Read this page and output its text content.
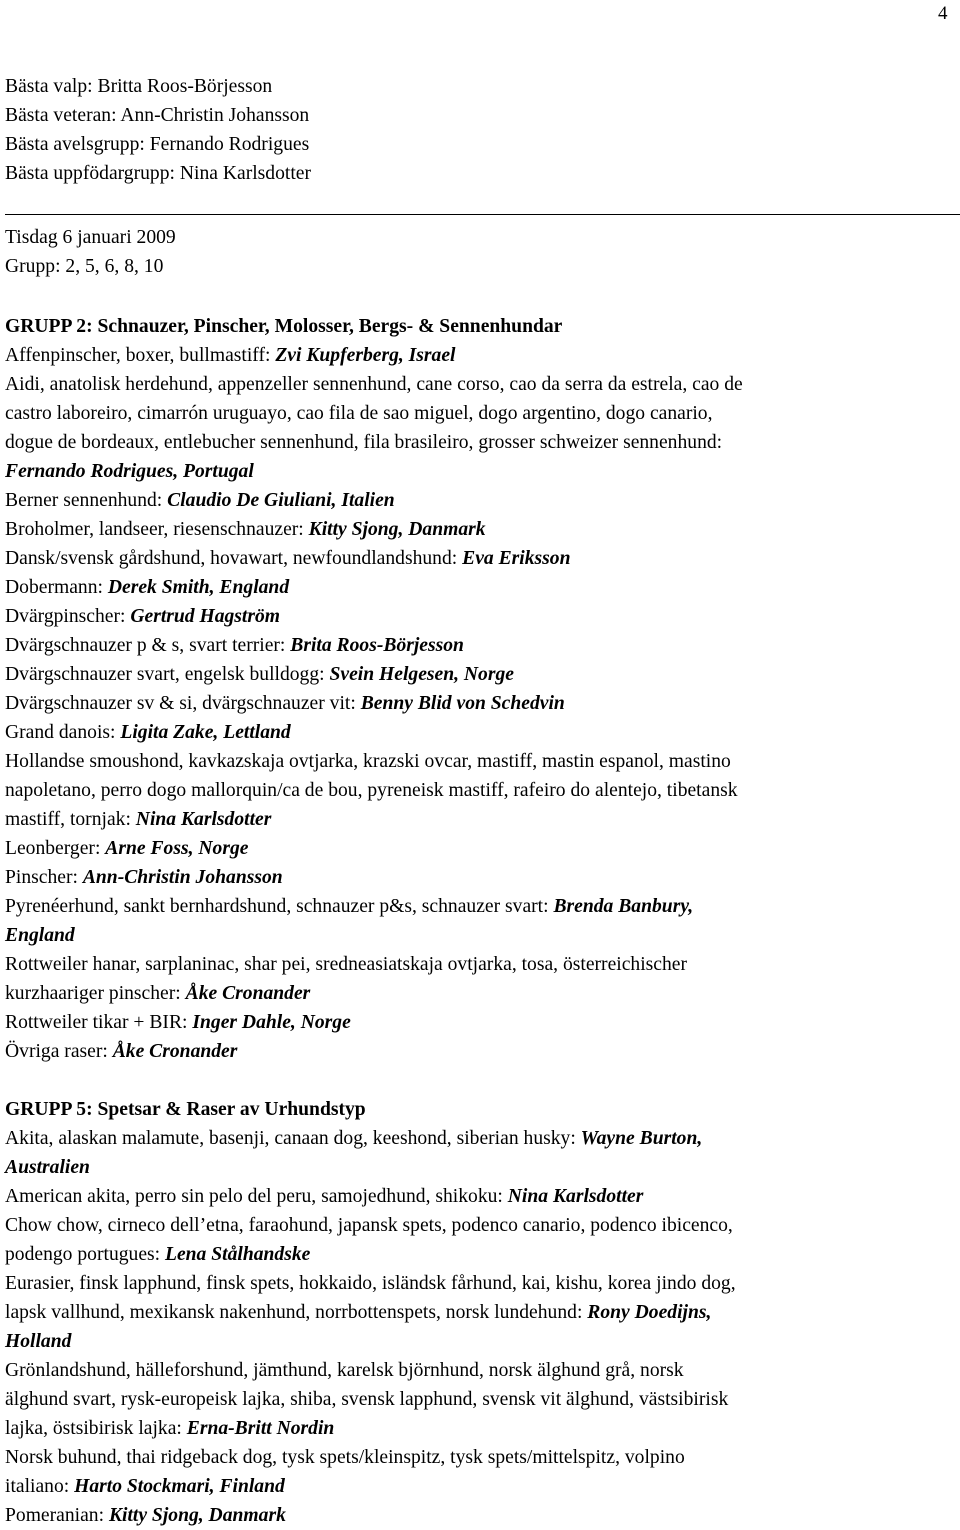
4
Bästa valp: Britta Roos-Börjesson
Bästa veteran: Ann-Christin Johansson
Bästa avelsgrupp: Fernando Rodrigues
Bästa uppfödargrupp: Nina Karlsdotter
Tisdag 6 januari 2009
Grupp: 2, 5, 6, 8, 10
GRUPP 2: Schnauzer, Pinscher, Molosser, Bergs- & Sennenhundar
Affenpinscher, boxer, bullmastiff: Zvi Kupferberg, Israel
Aidi, anatolisk herdehund, appenzeller sennenhund, cane corso, cao da serra da estrela, cao de
castro laboreiro, cimarrón uruguayo, cao fila de sao miguel, dogo argentino, dogo canario,
dogue de bordeaux, entlebucher sennenhund, fila brasileiro, grosser schweizer sennenhund:
Fernando Rodrigues, Portugal
Berner sennenhund: Claudio De Giuliani, Italien
Broholmer, landseer, riesenschnauzer: Kitty Sjong, Danmark
Dansk/svensk gårdshund, hovawart, newfoundlandshund: Eva Eriksson
Dobermann: Derek Smith, England
Dvärgpinscher: Gertrud Hagström
Dvärgschnauzer p & s, svart terrier: Brita Roos-Börjesson
Dvärgschnauzer svart, engelsk bulldogg: Svein Helgesen, Norge
Dvärgschnauzer sv & si, dvärgschnauzer vit: Benny Blid von Schedvin
Grand danois: Ligita Zake, Lettland
Hollandse smoushond, kavkazskaja ovtjarka, krazski ovcar, mastiff, mastin espanol, mastino
napoletano, perro dogo mallorquin/ca de bou, pyreneisk mastiff, rafeiro do alentejo, tibetansk
mastiff, tornjak: Nina Karlsdotter
Leonberger: Arne Foss, Norge
Pinscher: Ann-Christin Johansson
Pyrenéerhund, sankt bernhardshund, schnauzer p&s, schnauzer svart: Brenda Banbury,
England
Rottweiler hanar, sarplaninac, shar pei, sredneasiatskaja ovtjarka, tosa, österreichischer
kurzhaariger pinscher: Åke Cronander
Rottweiler tikar + BIR: Inger Dahle, Norge
Övriga raser: Åke Cronander
GRUPP 5: Spetsar & Raser av Urhundstyp
Akita, alaskan malamute, basenji, canaan dog, keeshond, siberian husky: Wayne Burton,
Australien
American akita, perro sin pelo del peru, samojedhund, shikoku: Nina Karlsdotter
Chow chow, cirneco dell’etna, faraohund, japansk spets, podenco canario, podenco ibicenco,
podengo portugues: Lena Stålhandske
Eurasier, finsk lapphund, finsk spets, hokkaido, isländsk fårhund, kai, kishu, korea jindo dog,
lapsk vallhund, mexikansk nakenhund, norrbottenspets, norsk lundehund: Rony Doedijns,
Holland
Grönlandshund, hälleforshund, jämthund, karelsk björnhund, norsk älghund grå, norsk
älghund svart, rysk-europeisk lajka, shiba, svensk lapphund, svensk vit älghund, västsibirisk
lajka, östsibirisk lajka: Erna-Britt Nordin
Norsk buhund, thai ridgeback dog, tysk spets/kleinspitz, tysk spets/mittelspitz, volpino
italiano: Harto Stockmari, Finland
Pomeranian: Kitty Sjong, Danmark
